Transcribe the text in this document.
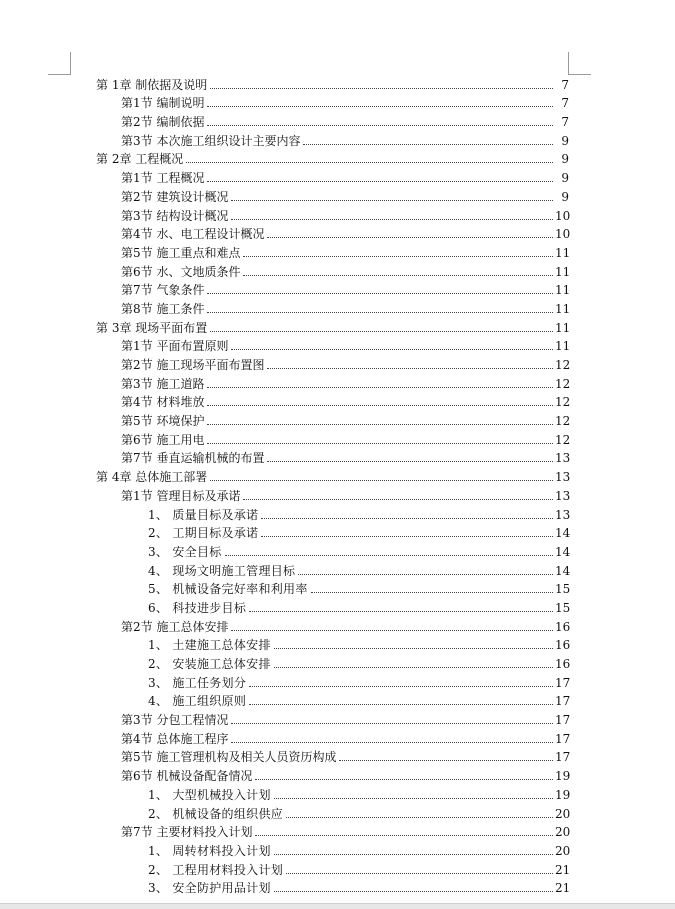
第 1章 制依据及说明	7
第1节 编制说明	7
第2节 编制依据	7
第3节 本次施工组织设计主要内容	9
第 2章 工程概况	9
第1节 工程概况	9
第2节 建筑设计概况	9
第3节 结构设计概况	10
第4节 水、电工程设计概况	10
第5节 施工重点和难点	11
第6节 水、文地质条件	11
第7节 气象条件	11
第8节 施工条件	11
第 3章 现场平面布置	11
第1节 平面布置原则	11
第2节 施工现场平面布置图	12
第3节 施工道路	12
第4节 材料堆放	12
第5节 环境保护	12
第6节 施工用电	12
第7节 垂直运输机械的布置	13
第 4章 总体施工部署	13
第1节 管理目标及承诺	13
1、 质量目标及承诺	13
2、 工期目标及承诺	14
3、 安全目标	14
4、 现场文明施工管理目标	14
5、 机械设备完好率和利用率	15
6、 科技进步目标	15
第2节 施工总体安排	16
1、 土建施工总体安排	16
2、 安装施工总体安排	16
3、 施工任务划分	17
4、 施工组织原则	17
第3节 分包工程情况	17
第4节 总体施工程序	17
第5节 施工管理机构及相关人员资历构成	17
第6节 机械设备配备情况	19
1、 大型机械投入计划	19
2、 机械设备的组织供应	20
第7节 主要材料投入计划	20
1、 周转材料投入计划	20
2、 工程用材料投入计划	21
3、 安全防护用品计划	21
